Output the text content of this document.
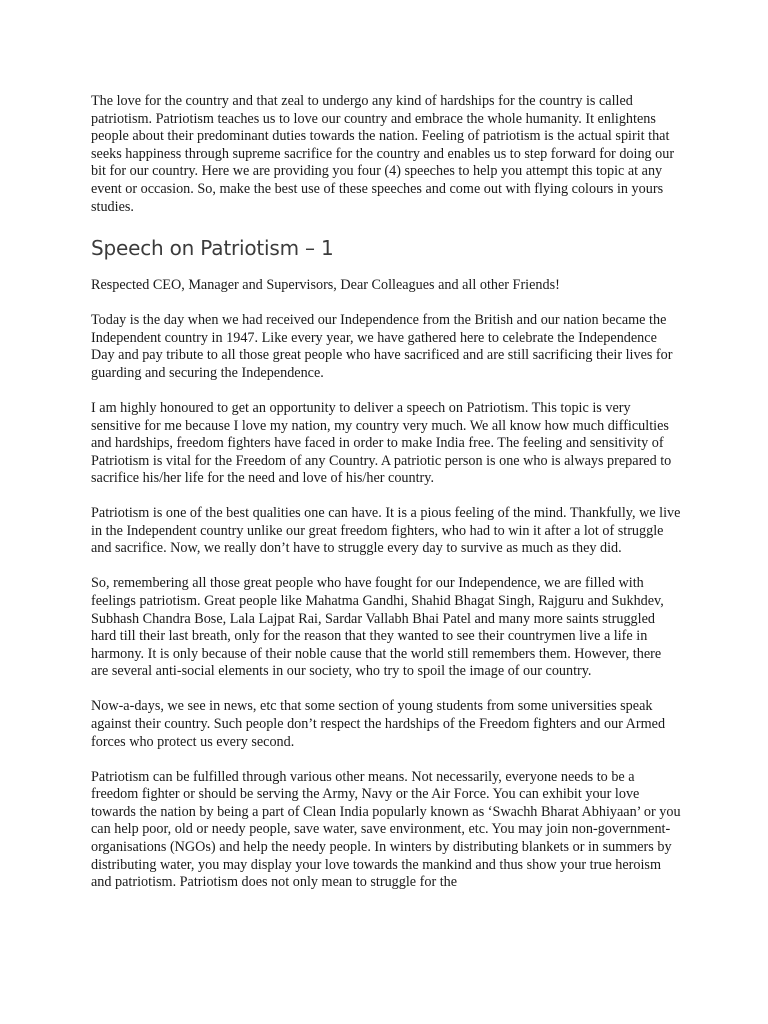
The love for the country and that zeal to undergo any kind of hardships for the country is called patriotism. Patriotism teaches us to love our country and embrace the whole humanity. It enlightens people about their predominant duties towards the nation. Feeling of patriotism is the actual spirit that seeks happiness through supreme sacrifice for the country and enables us to step forward for doing our bit for our country. Here we are providing you four (4) speeches to help you attempt this topic at any event or occasion. So, make the best use of these speeches and come out with flying colours in yours studies.

Speech on Patriotism – 1

Respected CEO, Manager and Supervisors, Dear Colleagues and all other Friends!

Today is the day when we had received our Independence from the British and our nation became the Independent country in 1947. Like every year, we have gathered here to celebrate the Independence Day and pay tribute to all those great people who have sacrificed and are still sacrificing their lives for guarding and securing the Independence.

I am highly honoured to get an opportunity to deliver a speech on Patriotism. This topic is very sensitive for me because I love my nation, my country very much. We all know how much difficulties and hardships, freedom fighters have faced in order to make India free. The feeling and sensitivity of Patriotism is vital for the Freedom of any Country. A patriotic person is one who is always prepared to sacrifice his/her life for the need and love of his/her country.

Patriotism is one of the best qualities one can have. It is a pious feeling of the mind. Thankfully, we live in the Independent country unlike our great freedom fighters, who had to win it after a lot of struggle and sacrifice. Now, we really don’t have to struggle every day to survive as much as they did.

So, remembering all those great people who have fought for our Independence, we are filled with feelings patriotism. Great people like Mahatma Gandhi, Shahid Bhagat Singh, Rajguru and Sukhdev, Subhash Chandra Bose, Lala Lajpat Rai, Sardar Vallabh Bhai Patel and many more saints struggled hard till their last breath, only for the reason that they wanted to see their countrymen live a life in harmony. It is only because of their noble cause that the world still remembers them. However, there are several anti-social elements in our society, who try to spoil the image of our country.

Now-a-days, we see in news, etc that some section of young students from some universities speak against their country. Such people don’t respect the hardships of the Freedom fighters and our Armed forces who protect us every second.

Patriotism can be fulfilled through various other means. Not necessarily, everyone needs to be a freedom fighter or should be serving the Army, Navy or the Air Force. You can exhibit your love towards the nation by being a part of Clean India popularly known as ‘Swachh Bharat Abhiyaan’ or you can help poor, old or needy people, save water, save environment, etc. You may join non-government-organisations (NGOs) and help the needy people. In winters by distributing blankets or in summers by distributing water, you may display your love towards the mankind and thus show your true heroism and patriotism. Patriotism does not only mean to struggle for the
